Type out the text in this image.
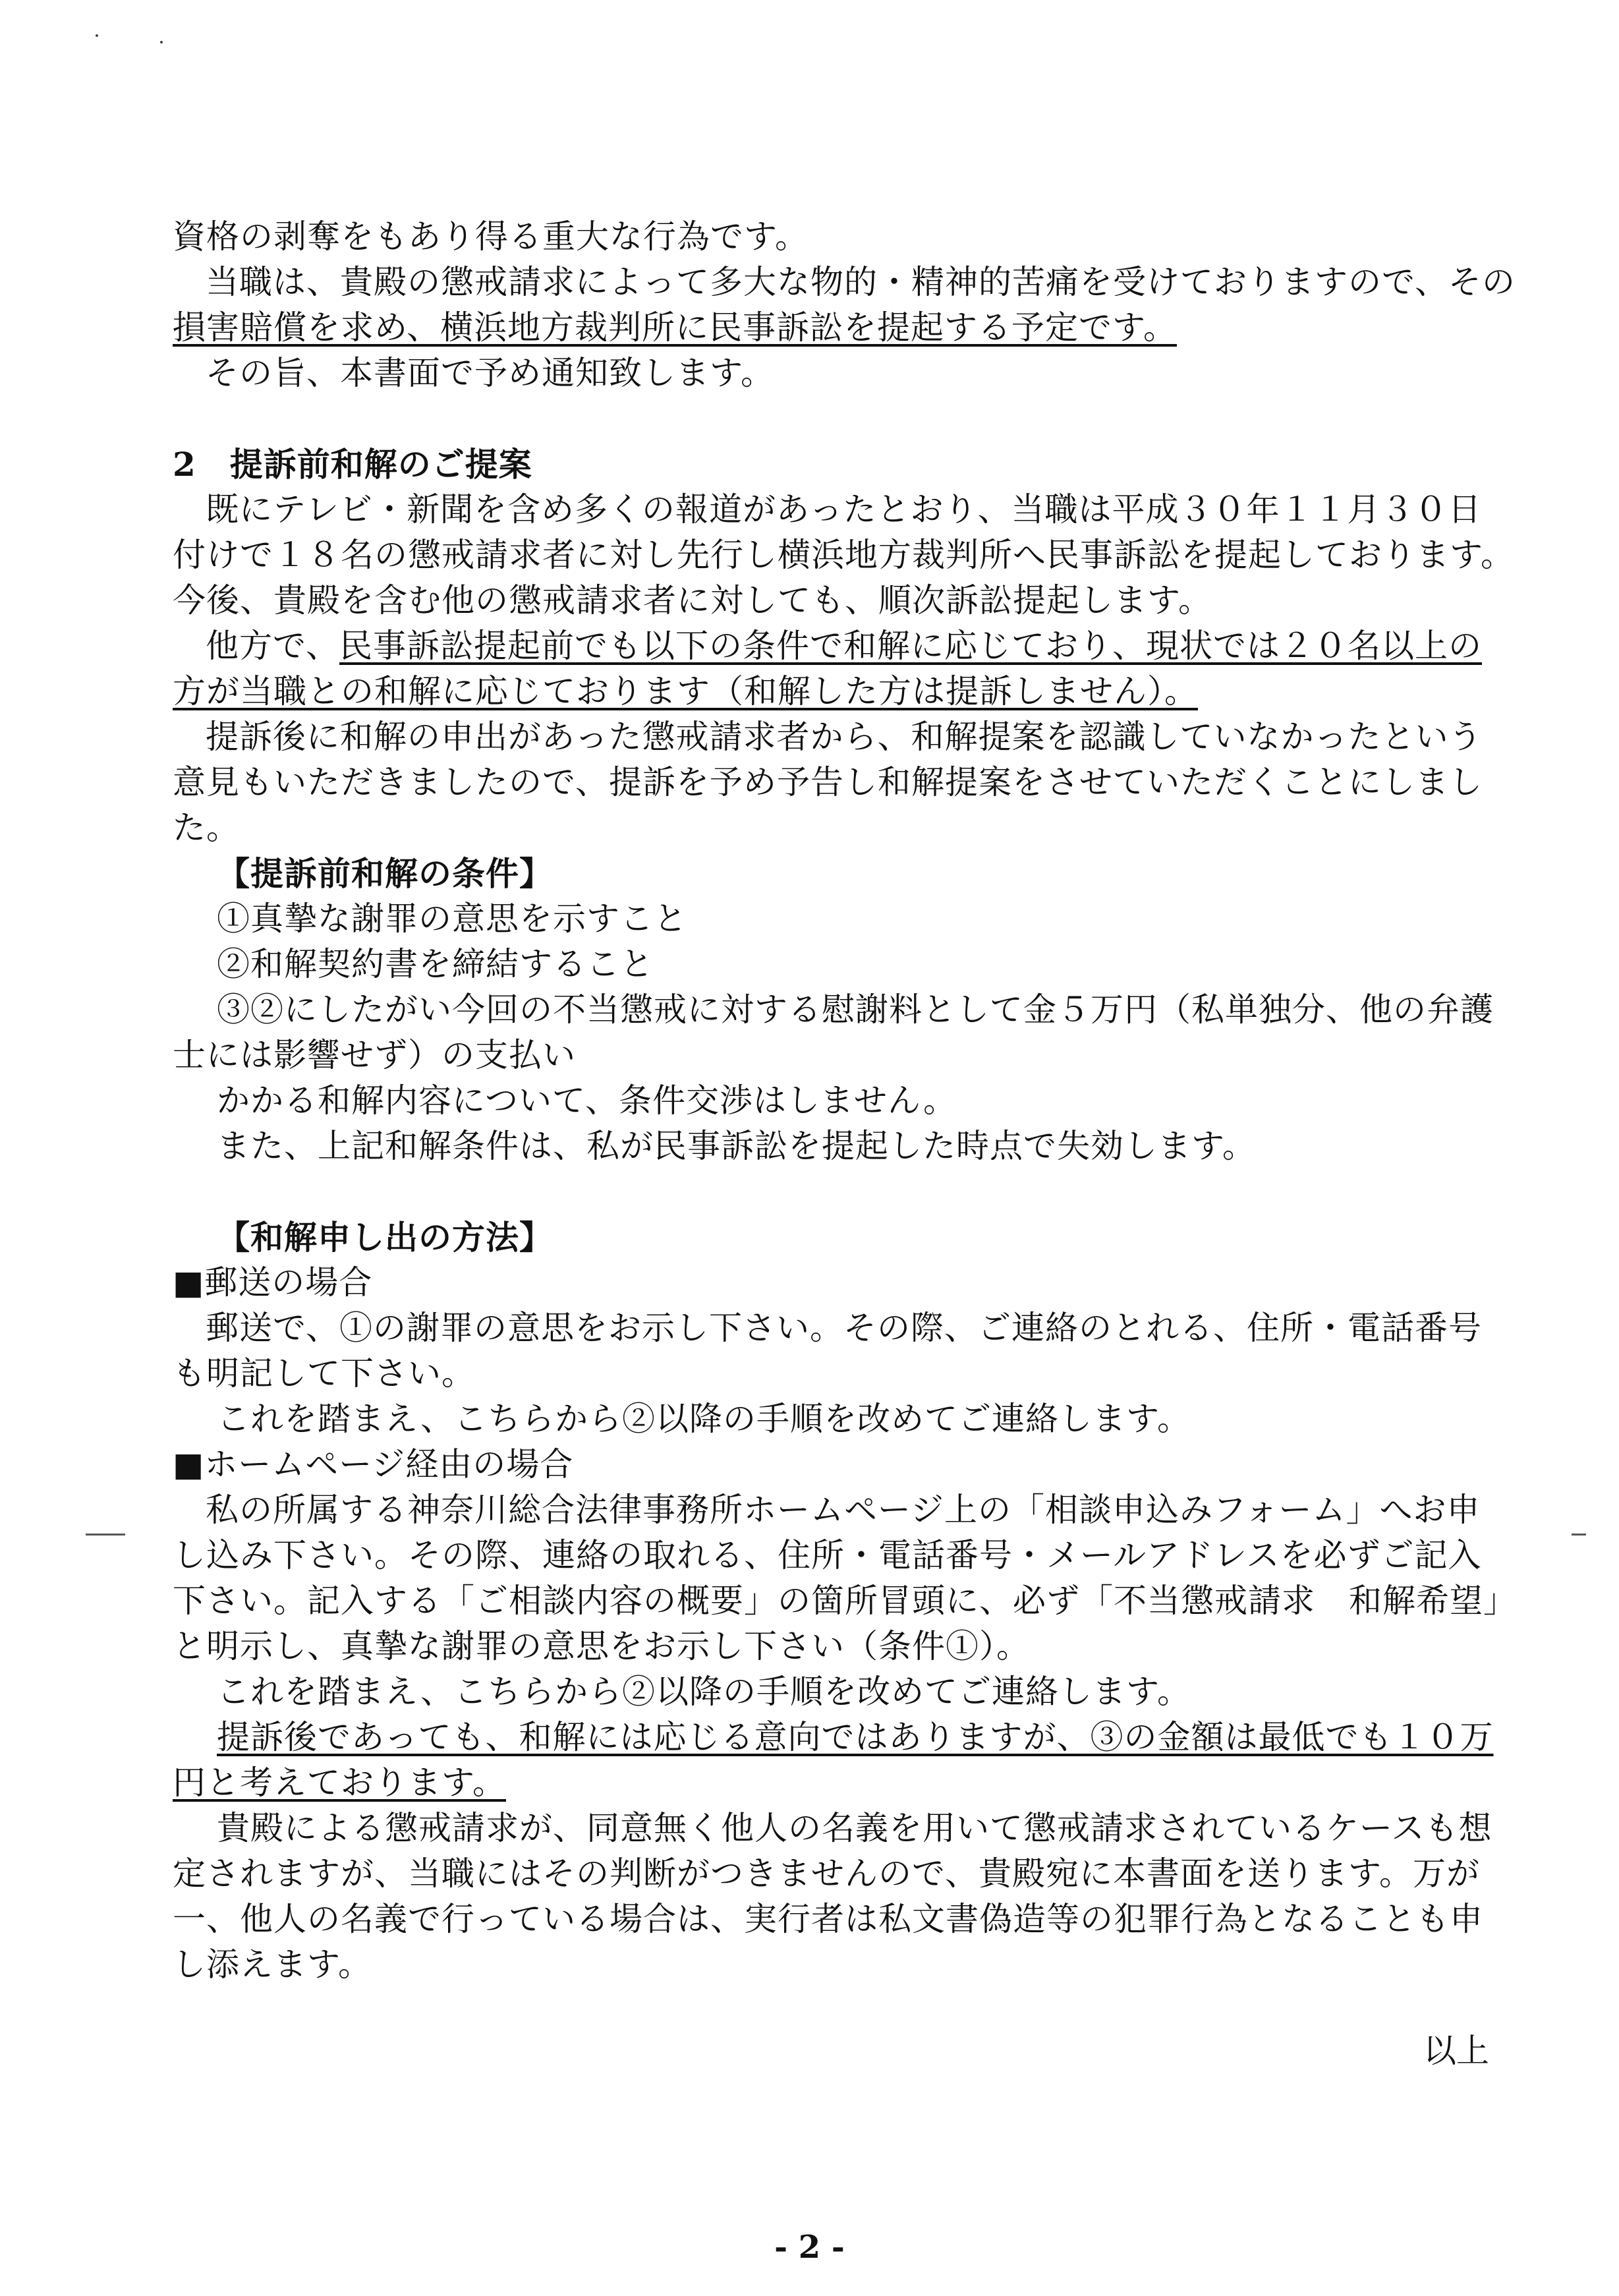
資格の剥奪をもあり得る重大な行為です。
当職は、貴殿の懲戒請求によって多大な物的・精神的苦痛を受けておりますので、その
損害賠償を求め、横浜地方裁判所に民事訴訟を提起する予定です。
その旨、本書面で予め通知致します。
2　提訴前和解のご提案
既にテレビ・新聞を含め多くの報道があったとおり、当職は平成３０年１１月３０日
付けで１８名の懲戒請求者に対し先行し横浜地方裁判所へ民事訴訟を提起しております。
今後、貴殿を含む他の懲戒請求者に対しても、順次訴訟提起します。
他方で、民事訴訟提起前でも以下の条件で和解に応じており、現状では２０名以上の
方が当職との和解に応じております（和解した方は提訴しません）。
提訴後に和解の申出があった懲戒請求者から、和解提案を認識していなかったという
意見もいただきましたので、提訴を予め予告し和解提案をさせていただくことにしまし
た。
【提訴前和解の条件】
①真摯な謝罪の意思を示すこと
②和解契約書を締結すること
③②にしたがい今回の不当懲戒に対する慰謝料として金５万円（私単独分、他の弁護
士には影響せず）の支払い
かかる和解内容について、条件交渉はしません。
また、上記和解条件は、私が民事訴訟を提起した時点で失効します。
【和解申し出の方法】
■郵送の場合
郵送で、①の謝罪の意思をお示し下さい。その際、ご連絡のとれる、住所・電話番号
も明記して下さい。
これを踏まえ、こちらから②以降の手順を改めてご連絡します。
■ホームページ経由の場合
私の所属する神奈川総合法律事務所ホームページ上の「相談申込みフォーム」へお申
し込み下さい。その際、連絡の取れる、住所・電話番号・メールアドレスを必ずご記入
下さい。記入する「ご相談内容の概要」の箇所冒頭に、必ず「不当懲戒請求　和解希望」
と明示し、真摯な謝罪の意思をお示し下さい（条件①）。
これを踏まえ、こちらから②以降の手順を改めてご連絡します。
提訴後であっても、和解には応じる意向ではありますが、③の金額は最低でも１０万
円と考えております。
貴殿による懲戒請求が、同意無く他人の名義を用いて懲戒請求されているケースも想
定されますが、当職にはその判断がつきませんので、貴殿宛に本書面を送ります。万が
一、他人の名義で行っている場合は、実行者は私文書偽造等の犯罪行為となることも申
し添えます。
以上
- 2 -
